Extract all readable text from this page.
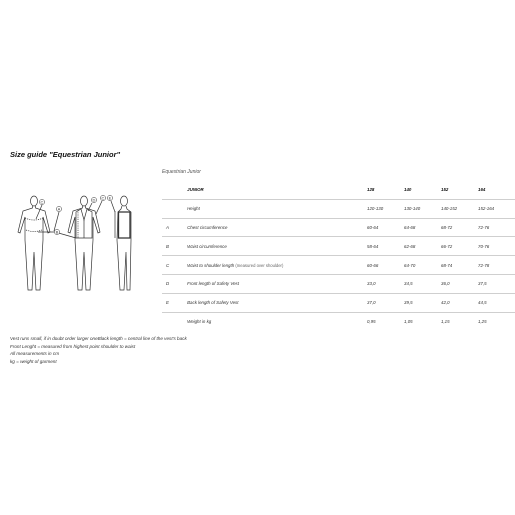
Size guide "Equestrian Junior"
C
A
B
D C E
Equestrian Junior
	JUNIOR	128	140	152	164
	Height	120-130	130-140	140-152	152-164
A	Chest circumference	60-64	64-68	68-72	72-76
B	Waist circumference	58-64	62-68	66-72	70-76
C	Waist to shoulder length (measured over shoulder)	60-66	64-70	68-74	72-78
D	Front length of Safety Vest	33,0	34,5	36,0	37,5
E	Back length of Safety Vest	37,0	39,5	42,0	44,5
	Weight in kg	0,95	1,05	1,15	1,25
Vest runs small, if in doubt order larger oneBlack length = central line of the vest's back
Front Lenght = measured from highest point shoulder to waist
All measurements in cm
kg = weight of garment
